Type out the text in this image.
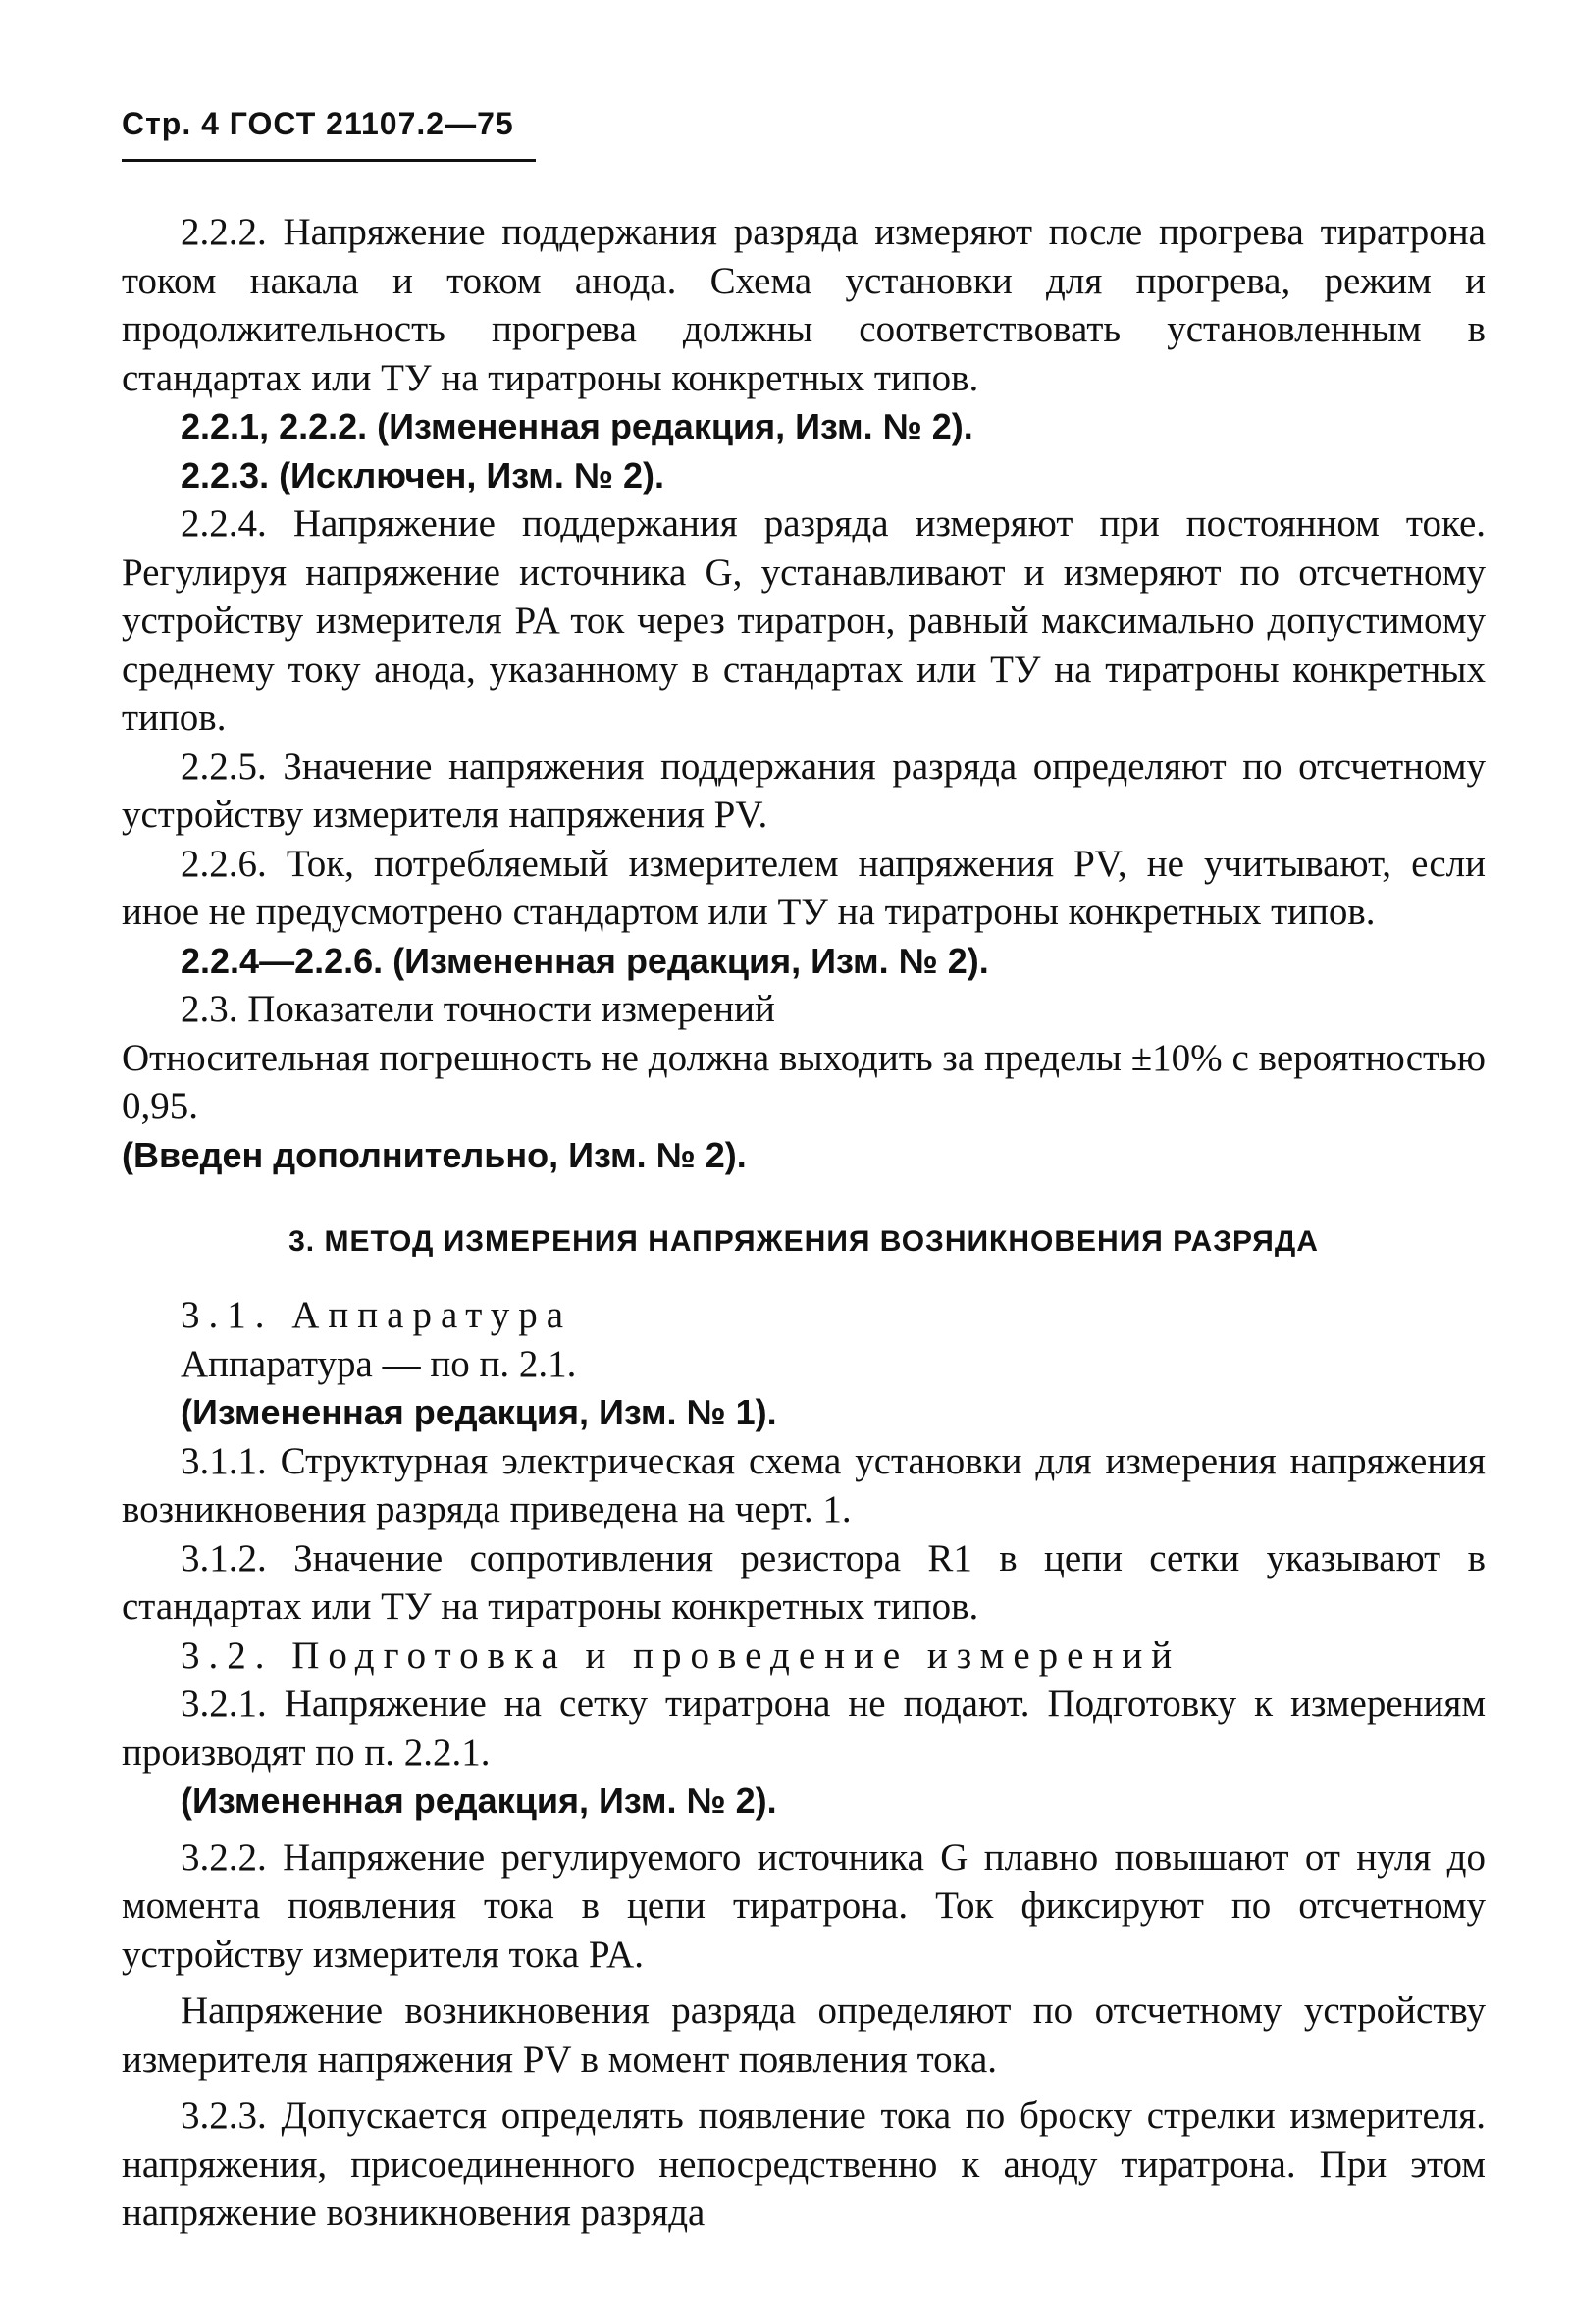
Стр. 4 ГОСТ 21107.2—75

2.2.2. Напряжение поддержания разряда измеряют после прогрева тиратрона током накала и током анода. Схема установки для прогрева, режим и продолжительность прогрева должны соответствовать установленным в стандартах или ТУ на тиратроны конкретных типов.

2.2.1, 2.2.2. (Измененная редакция, Изм. № 2).

2.2.3. (Исключен, Изм. № 2).

2.2.4. Напряжение поддержания разряда измеряют при постоянном токе. Регулируя напряжение источника G, устанавливают и измеряют по отсчетному устройству измерителя PA ток через тиратрон, равный максимально допустимому среднему току анода, указанному в стандартах или ТУ на тиратроны конкретных типов.

2.2.5. Значение напряжения поддержания разряда определяют по отсчетному устройству измерителя напряжения PV.

2.2.6. Ток, потребляемый измерителем напряжения PV, не учитывают, если иное не предусмотрено стандартом или ТУ на тиратроны конкретных типов.

2.2.4—2.2.6. (Измененная редакция, Изм. № 2).

2.3. Показатели точности измерений

Относительная погрешность не должна выходить за пределы ±10% с вероятностью 0,95.

(Введен дополнительно, Изм. № 2).

3. МЕТОД ИЗМЕРЕНИЯ НАПРЯЖЕНИЯ ВОЗНИКНОВЕНИЯ РАЗРЯДА

3.1. Аппаратура

Аппаратура — по п. 2.1.

(Измененная редакция, Изм. № 1).

3.1.1. Структурная электрическая схема установки для измерения напряжения возникновения разряда приведена на черт. 1.

3.1.2. Значение сопротивления резистора R1 в цепи сетки указывают в стандартах или ТУ на тиратроны конкретных типов.

3.2. Подготовка и проведение измерений

3.2.1. Напряжение на сетку тиратрона не подают. Подготовку к измерениям производят по п. 2.2.1.

(Измененная редакция, Изм. № 2).

3.2.2. Напряжение регулируемого источника G плавно повышают от нуля до момента появления тока в цепи тиратрона. Ток фиксируют по отсчетному устройству измерителя тока PA.

Напряжение возникновения разряда определяют по отсчетному устройству измерителя напряжения PV в момент появления тока.

3.2.3. Допускается определять появление тока по броску стрелки измерителя. напряжения, присоединенного непосредственно к аноду тиратрона. При этом напряжение возникновения разряда
